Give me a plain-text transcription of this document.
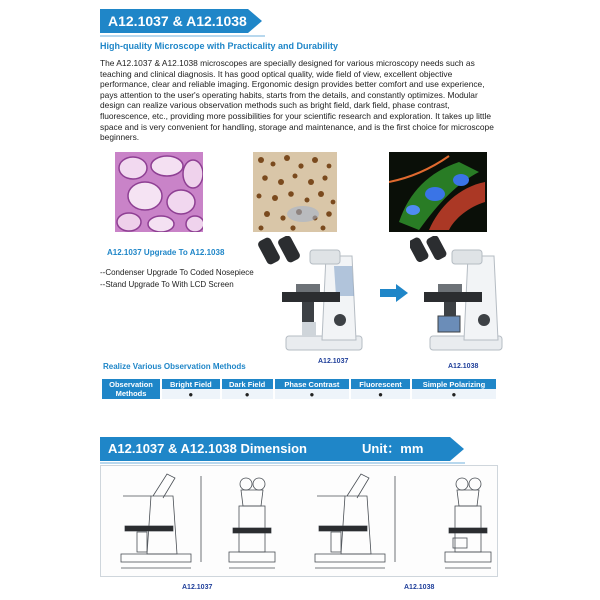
A12.1037 & A12.1038
High-quality Microscope with Practicality and Durability
The A12.1037 & A12.1038 microscopes are specially designed for various microscopy needs such as teaching and clinical diagnosis. It has good optical quality, wide field of view, excellent objective performance, clear and reliable imaging. Ergonomic design provides better comfort and use experience, pays attention to the user's operating habits, starts from the details, and constantly optimizes. Modular design can realize various observation methods such as bright field, dark field, phase contrast, fluorescence, etc., providing more possibilities for your scientific research and exploration. It takes up little space and is very convenient for handling, storage and maintenance, and is the first choice for microscope beginners.
A12.1037 Upgrade To A12.1038
--Condenser Upgrade To Coded Nosepiece
--Stand Upgrade To With LCD Screen
A12.1037
A12.1038
Realize Various Observation Methods
Observation Methods	Bright Field	Dark Field	Phase Contrast	Fluorescent	Simple Polarizing
	●	●	●	●	●
A12.1037 & A12.1038 Dimension	Unit：mm
A12.1037	A12.1038
